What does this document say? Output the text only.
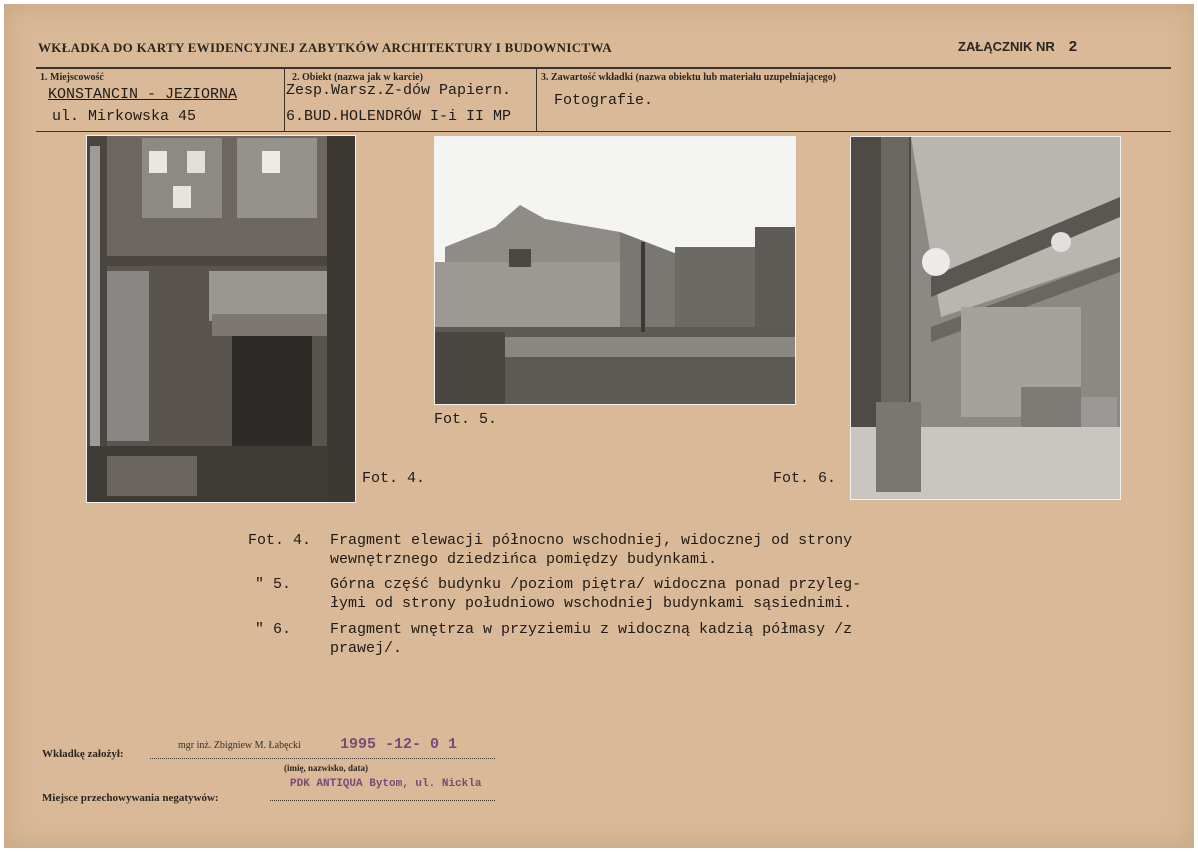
WKŁADKA DO KARTY EWIDENCYJNEJ ZABYTKÓW ARCHITEKTURY I BUDOWNICTWA	ZAŁĄCZNIK NR 2
1. Miejscowość
KONSTANCIN - JEZIORNA
ul. Mirkowska 45
2. Obiekt (nazwa jak w karcie)
Zesp.Warsz.Z-dów Papiern.
6.BUD.HOLENDRÓW I-i II MP
3. Zawartość wkładki (nazwa obiektu lub materiału uzupełniającego)
Fotografie.
Fot. 4.
Fot. 5.
Fot. 6.
Fot. 4. Fragment elewacji północno wschodniej, widocznej od strony
wewnętrznego dziedzińca pomiędzy budynkami.
" 5.	Górna część budynku /poziom piętra/ widoczna ponad przyleg-
łymi od strony południowo wschodniej budynkami sąsiednimi.
" 6.	Fragment wnętrza w przyziemiu z widoczną kadzią półmasy /z
prawej/.
Wkładkę założył:
mgr inż. Zbigniew M. Łabęcki	1995 -12- 0 1
(imię, nazwisko, data)
Miejsce przechowywania negatywów:
PDK ANTIQUA Bytom, ul. Nickla
